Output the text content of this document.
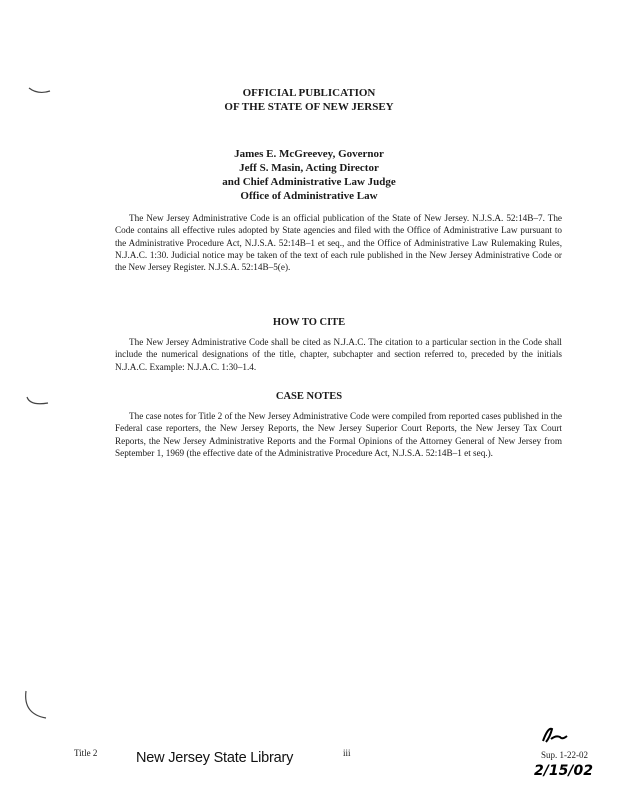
OFFICIAL PUBLICATION
OF THE STATE OF NEW JERSEY
James E. McGreevey, Governor
Jeff S. Masin, Acting Director
and Chief Administrative Law Judge
Office of Administrative Law

The New Jersey Administrative Code is an official publication of the State of New Jersey. N.J.S.A. 52:14B–7. The Code contains all effective rules adopted by State agencies and filed with the Office of Administrative Law pursuant to the Administrative Procedure Act, N.J.S.A. 52:14B–1 et seq., and the Office of Administrative Law Rulemaking Rules, N.J.A.C. 1:30. Judicial notice may be taken of the text of each rule published in the New Jersey Administrative Code or the New Jersey Register. N.J.S.A. 52:14B–5(e).

HOW TO CITE

The New Jersey Administrative Code shall be cited as N.J.A.C. The citation to a particular section in the Code shall include the numerical designations of the title, chapter, subchapter and section referred to, preceded by the initials N.J.A.C. Example: N.J.A.C. 1:30–1.4.

CASE NOTES

The case notes for Title 2 of the New Jersey Administrative Code were compiled from reported cases published in the Federal case reporters, the New Jersey Reports, the New Jersey Superior Court Reports, the New Jersey Tax Court Reports, the New Jersey Administrative Reports and the Formal Opinions of the Attorney General of New Jersey from September 1, 1969 (the effective date of the Administrative Procedure Act, N.J.S.A. 52:14B–1 et seq.).

Title 2	New Jersey State Library	iii	Sup. 1-22-02
2/15/02
